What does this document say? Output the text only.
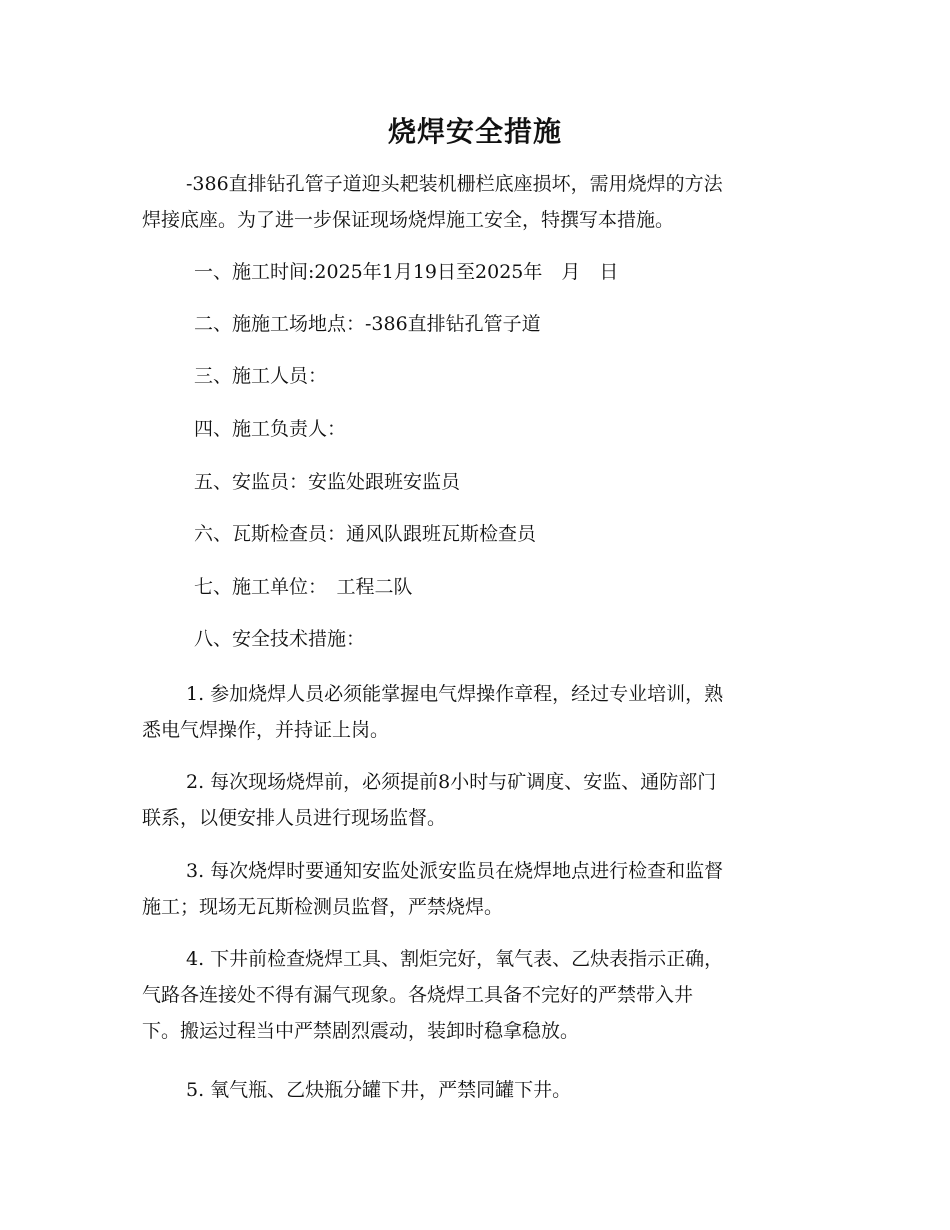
烧焊安全措施
-386直排钻孔管子道迎头耙装机栅栏底座损坏，需用烧焊的方法
焊接底座。为了进一步保证现场烧焊施工安全，特撰写本措施。
一、施工时间:2025年1月19日至2025年　月　日
二、施施工场地点：-386直排钻孔管子道
三、施工人员：
四、施工负责人：
五、安监员：安监处跟班安监员
六、瓦斯检查员：通风队跟班瓦斯检查员
七、施工单位：　工程二队
八、安全技术措施：
1. 参加烧焊人员必须能掌握电气焊操作章程，经过专业培训，熟
悉电气焊操作，并持证上岗。
2. 每次现场烧焊前，必须提前8小时与矿调度、安监、通防部门
联系，以便安排人员进行现场监督。
3. 每次烧焊时要通知安监处派安监员在烧焊地点进行检查和监督
施工；现场无瓦斯检测员监督，严禁烧焊。
4. 下井前检查烧焊工具、割炬完好，氧气表、乙炔表指示正确，
气路各连接处不得有漏气现象。各烧焊工具备不完好的严禁带入井
下。搬运过程当中严禁剧烈震动，装卸时稳拿稳放。
5. 氧气瓶、乙炔瓶分罐下井，严禁同罐下井。
